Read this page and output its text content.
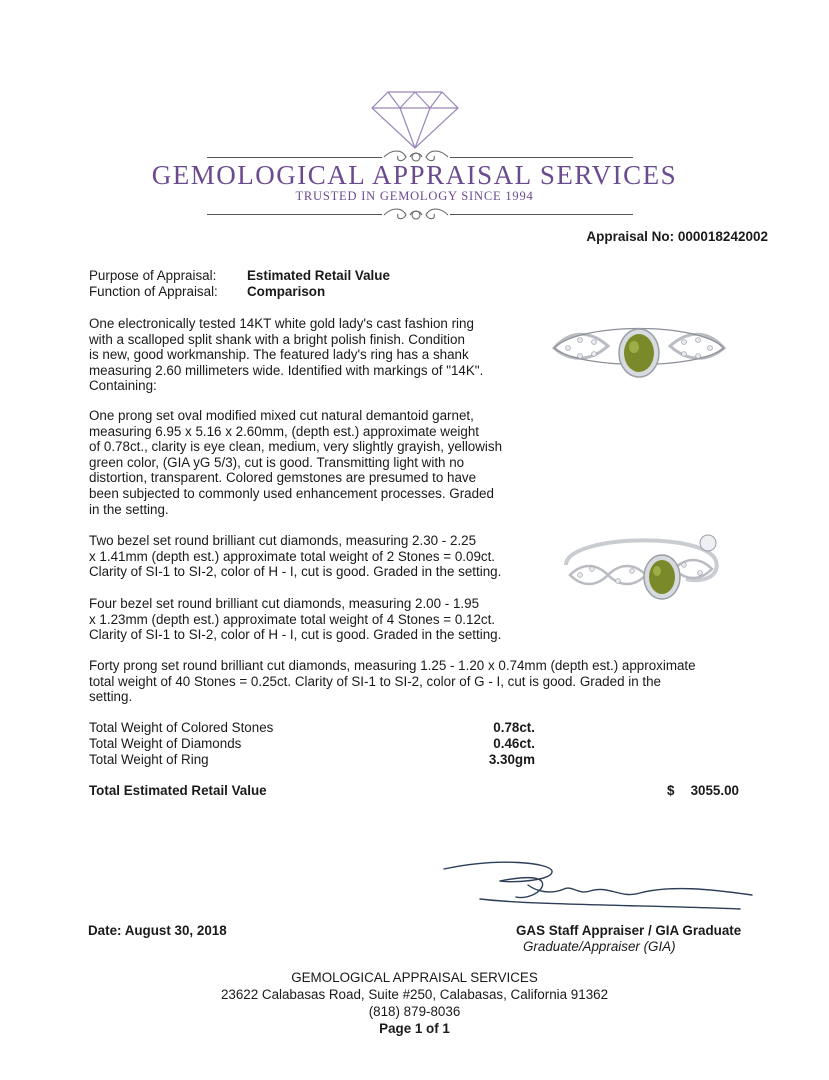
GEMOLOGICAL APPRAISAL SERVICES
TRUSTED IN GEMOLOGY SINCE 1994
Appraisal No: 000018242002
Purpose of Appraisal: Estimated Retail Value
Function of Appraisal: Comparison
One electronically tested 14KT white gold lady's cast fashion ring
with a scalloped split shank with a bright polish finish. Condition
is new, good workmanship. The featured lady's ring has a shank
measuring 2.60 millimeters wide. Identified with markings of "14K".
Containing:
One prong set oval modified mixed cut natural demantoid garnet,
measuring 6.95 x 5.16 x 2.60mm, (depth est.) approximate weight
of 0.78ct., clarity is eye clean, medium, very slightly grayish, yellowish
green color, (GIA yG 5/3), cut is good. Transmitting light with no
distortion, transparent. Colored gemstones are presumed to have
been subjected to commonly used enhancement processes. Graded
in the setting.
Two bezel set round brilliant cut diamonds, measuring 2.30 - 2.25
x 1.41mm (depth est.) approximate total weight of 2 Stones = 0.09ct.
Clarity of SI-1 to SI-2, color of H - I, cut is good. Graded in the setting.
Four bezel set round brilliant cut diamonds, measuring 2.00 - 1.95
x 1.23mm (depth est.) approximate total weight of 4 Stones = 0.12ct.
Clarity of SI-1 to SI-2, color of H - I, cut is good. Graded in the setting.
Forty prong set round brilliant cut diamonds, measuring 1.25 - 1.20 x 0.74mm (depth est.) approximate
total weight of 40 Stones = 0.25ct. Clarity of SI-1 to SI-2, color of G - I, cut is good. Graded in the
setting.
Total Weight of Colored Stones	0.78ct.
Total Weight of Diamonds	0.46ct.
Total Weight of Ring	3.30gm
Total Estimated Retail Value	$	3055.00
Date: August 30, 2018	GAS Staff Appraiser / GIA Graduate
Graduate/Appraiser (GIA)
GEMOLOGICAL APPRAISAL SERVICES
23622 Calabasas Road, Suite #250, Calabasas, California 91362
(818) 879-8036
Page 1 of 1
